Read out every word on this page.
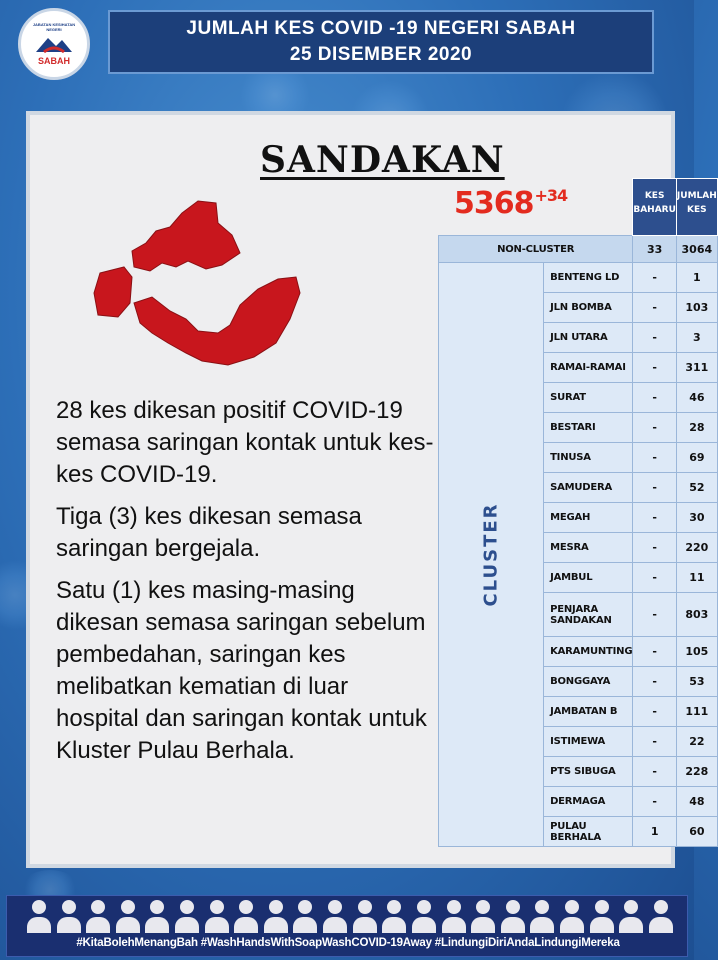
JABATAN KESIHATAN NEGERI
SABAH
JUMLAH KES COVID -19 NEGERI SABAH
25 DISEMBER 2020
SANDAKAN
$5368^{+34}$

28 kes dikesan positif COVID-19 semasa saringan kontak untuk kes-kes COVID-19.

Tiga (3) kes dikesan semasa saringan bergejala.

Satu (1) kes masing-masing dikesan semasa saringan sebelum pembedahan, saringan kes melibatkan kematian di luar hospital dan saringan kontak untuk Kluster Pulau Berhala.

		KES BAHARU	JUMLAH KES
NON-CLUSTER		33	3064
CLUSTER	BENTENG LD	-	1
	JLN BOMBA	-	103
	JLN UTARA	-	3
	RAMAI-RAMAI	-	311
	SURAT	-	46
	BESTARI	-	28
	TINUSA	-	69
	SAMUDERA	-	52
	MEGAH	-	30
	MESRA	-	220
	JAMBUL	-	11
	PENJARA SANDAKAN	-	803
	KARAMUNTING	-	105
	BONGGAYA	-	53
	JAMBATAN B	-	111
	ISTIMEWA	-	22
	PTS SIBUGA	-	228
	DERMAGA	-	48
	PULAU BERHALA	1	60
#KitaBolehMenangBah #WashHandsWithSoapWashCOVID-19Away #LindungiDiriAndaLindungiMereka
